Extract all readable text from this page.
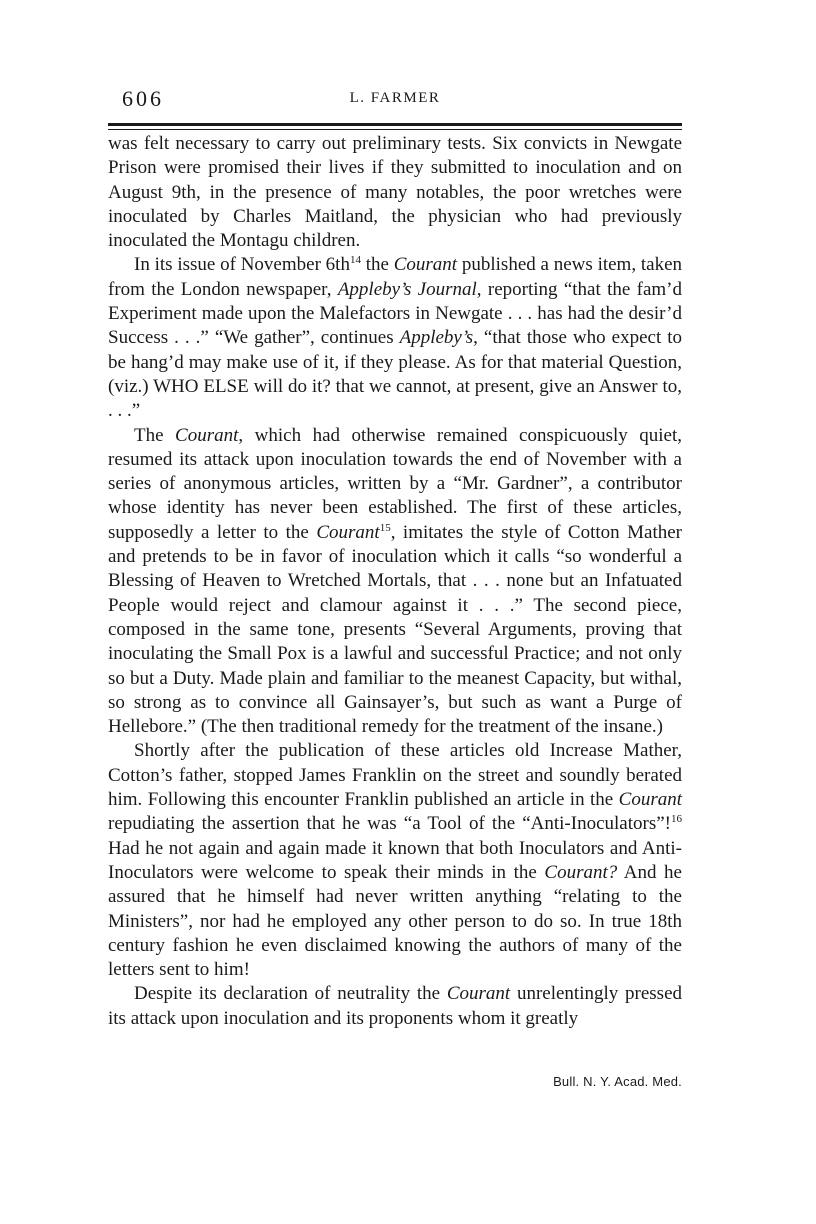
606	L. FARMER

was felt necessary to carry out preliminary tests. Six convicts in Newgate Prison were promised their lives if they submitted to inoculation and on August 9th, in the presence of many notables, the poor wretches were inoculated by Charles Maitland, the physician who had previously inoculated the Montagu children.

In its issue of November $6th^{14}$ the Courant published a news item, taken from the London newspaper, Appleby’s Journal, reporting “that the fam’d Experiment made upon the Malefactors in Newgate . . . has had the desir’d Success . . .” “We gather”, continues Appleby’s, “that those who expect to be hang’d may make use of it, if they please. As for that material Question, (viz.) WHO ELSE will do it? that we cannot, at present, give an Answer to, . . .”

The Courant, which had otherwise remained conspicuously quiet, resumed its attack upon inoculation towards the end of November with a series of anonymous articles, written by a “Mr. Gardner”, a contributor whose identity has never been established. The first of these articles, supposedly a letter to the Courant$^{15}$, imitates the style of Cotton Mather and pretends to be in favor of inoculation which it calls “so wonderful a Blessing of Heaven to Wretched Mortals, that . . . none but an Infatuated People would reject and clamour against it . . .” The second piece, composed in the same tone, presents “Several Arguments, proving that inoculating the Small Pox is a lawful and successful Practice; and not only so but a Duty. Made plain and familiar to the meanest Capacity, but withal, so strong as to convince all Gainsayer’s, but such as want a Purge of Hellebore.” (The then traditional remedy for the treatment of the insane.)

Shortly after the publication of these articles old Increase Mather, Cotton’s father, stopped James Franklin on the street and soundly berated him. Following this encounter Franklin published an article in the Courant repudiating the assertion that he was “a Tool of the “Anti-Inoculators”!$^{16}$ Had he not again and again made it known that both Inoculators and Anti-Inoculators were welcome to speak their minds in the Courant? And he assured that he himself had never written anything “relating to the Ministers”, nor had he employed any other person to do so. In true 18th century fashion he even disclaimed knowing the authors of many of the letters sent to him!

Despite its declaration of neutrality the Courant unrelentingly pressed its attack upon inoculation and its proponents whom it greatly

Bull. N. Y. Acad. Med.
